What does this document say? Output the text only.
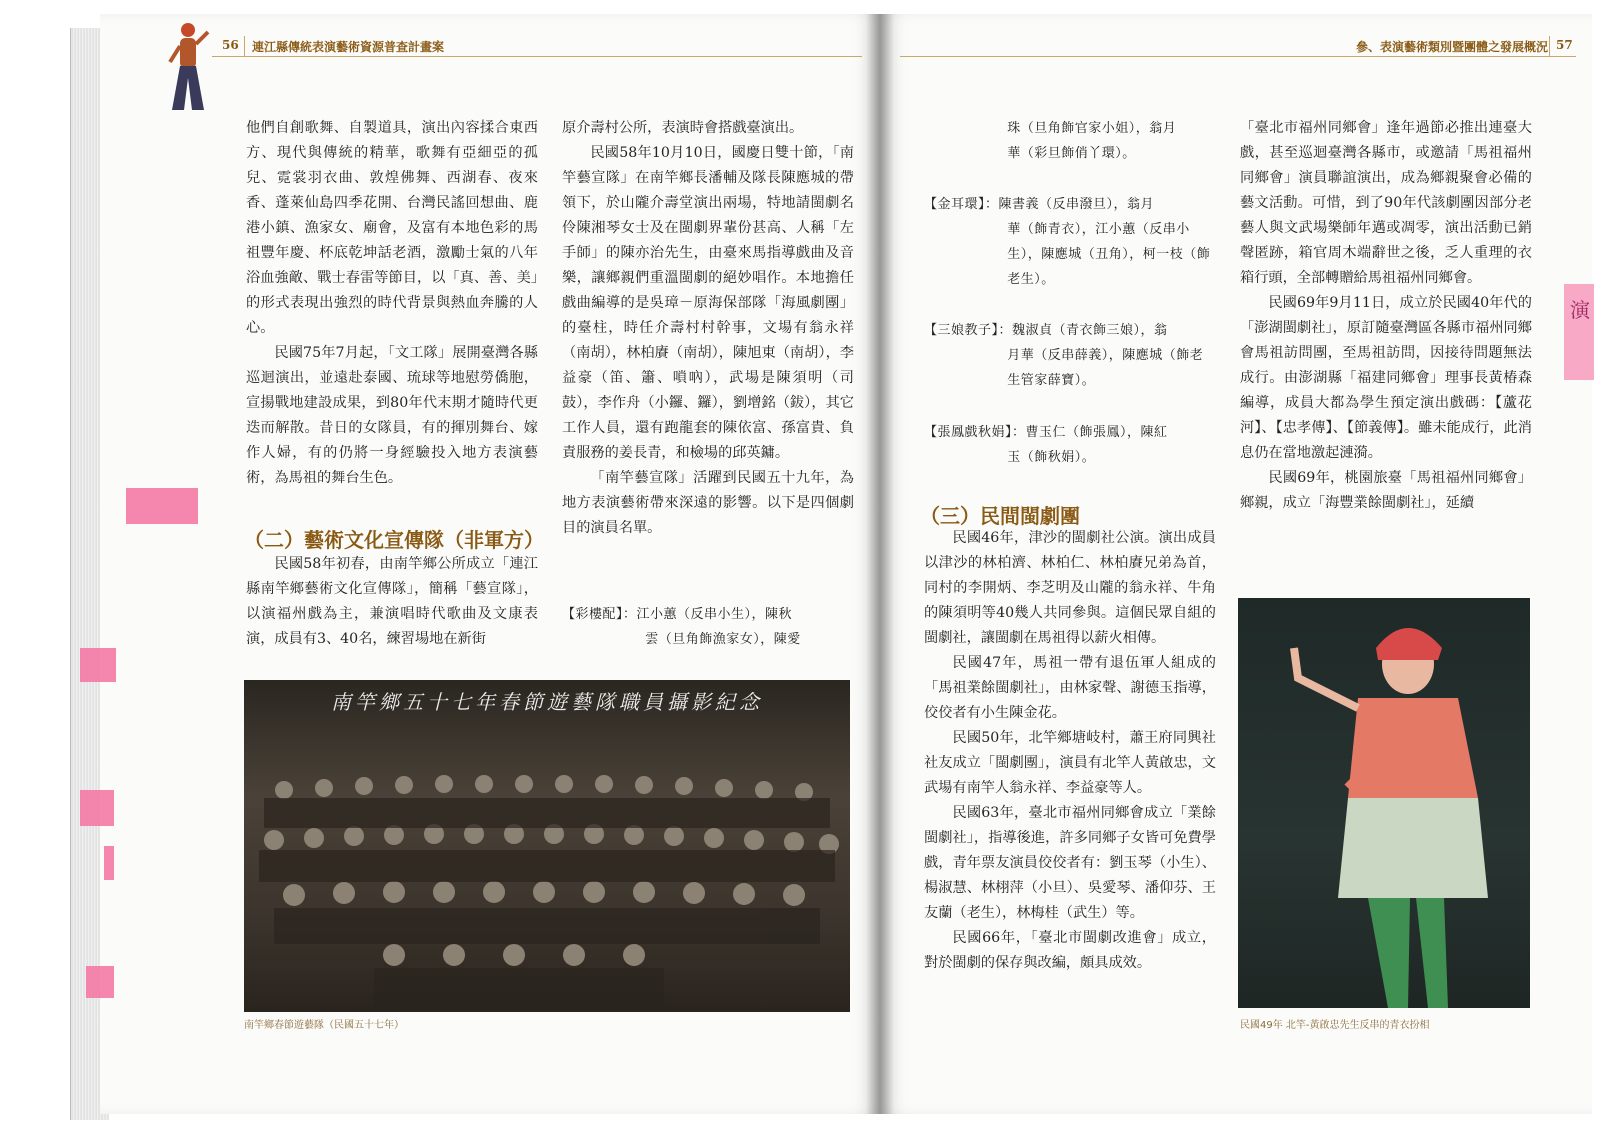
56 連江縣傳統表演藝術資源普查計畫案	參、表演藝術類別暨團體之發展概況 57

他們自創歌舞、自製道具，演出內容揉合東西方、現代與傳統的精華，歌舞有亞細亞的孤兒、霓裳羽衣曲、敦煌佛舞、西湖春、夜來香、蓬萊仙島四季花開、台灣民謠回想曲、鹿港小鎮、漁家女、廟會，及富有本地色彩的馬祖豐年慶、杯底乾坤話老酒，激勵士氣的八年浴血強敵、戰士春雷等節目，以「真、善、美」的形式表現出強烈的時代背景與熱血奔騰的人心。

民國75年7月起，「文工隊」展開臺灣各縣巡迴演出，並遠赴泰國、琉球等地慰勞僑胞，宣揚戰地建設成果，到80年代末期才隨時代更迭而解散。昔日的女隊員，有的揮別舞台、嫁作人婦，有的仍將一身經驗投入地方表演藝術，為馬祖的舞台生色。

（二）藝術文化宣傳隊（非軍方）

民國58年初春，由南竿鄉公所成立「連江縣南竿鄉藝術文化宣傳隊」，簡稱「藝宣隊」，以演福州戲為主，兼演唱時代歌曲及文康表演，成員有3、40名，練習場地在新街

原介壽村公所，表演時會搭戲臺演出。

民國58年10月10日，國慶日雙十節，「南竿藝宣隊」在南竿鄉長潘輔及隊長陳應城的帶領下，於山隴介壽堂演出兩場，特地請閩劇名伶陳湘琴女士及在閩劇界輩份甚高、人稱「左手師」的陳亦治先生，由臺來馬指導戲曲及音樂，讓鄉親們重溫閩劇的絕妙唱作。本地擔任戲曲編導的是吳璋－原海保部隊「海風劇團」的臺柱，時任介壽村村幹事，文場有翁永祥（南胡），林柏賡（南胡），陳旭東（南胡），李益豪（笛、簫、嗩吶），武場是陳須明（司鼓），李作舟（小鑼、鑼），劉增銘（鈸），其它工作人員，還有跑龍套的陳依富、孫富貴、負責服務的姜長青，和檢場的邱英鏞。

「南竿藝宣隊」活躍到民國五十九年，為地方表演藝術帶來深遠的影響。以下是四個劇目的演員名單。

【彩樓配】：江小蕙（反串小生），陳秋
雲（旦角飾漁家女），陳愛
南竿鄉五十七年春節遊藝隊職員攝影紀念
南竿鄉春節遊藝隊（民國五十七年）
珠（旦角飾官家小姐），翁月
華（彩旦飾俏丫環）。
【金耳環】：陳書義（反串潑旦），翁月
華（飾青衣），江小蕙（反串小生），陳應城（丑角），柯一枝（飾老生）。
【三娘教子】：魏淑貞（青衣飾三娘），翁
月華（反串薛義），陳應城（飾老生管家薛寶）。
【張鳳戲秋娟】：曹玉仁（飾張鳳），陳紅
玉（飾秋娟）。
（三）民間閩劇團

民國46年，津沙的閩劇社公演。演出成員以津沙的林柏濟、林柏仁、林柏賡兄弟為首，同村的李開炳、李芝明及山隴的翁永祥、牛角的陳須明等40幾人共同參與。這個民眾自組的閩劇社，讓閩劇在馬祖得以薪火相傳。

民國47年，馬祖一帶有退伍軍人組成的「馬祖業餘閩劇社」，由林家聲、謝德玉指導，佼佼者有小生陳金花。

民國50年，北竿鄉塘岐村，蕭王府同興社社友成立「閩劇團」，演員有北竿人黃啟忠，文武場有南竿人翁永祥、李益豪等人。

民國63年，臺北市福州同鄉會成立「業餘閩劇社」，指導後進，許多同鄉子女皆可免費學戲，青年票友演員佼佼者有：劉玉琴（小生）、楊淑慧、林栩萍（小旦）、吳愛琴、潘仰芬、王友蘭（老生），林梅桂（武生）等。

民國66年，「臺北市閩劇改進會」成立，對於閩劇的保存與改編，頗具成效。

「臺北市福州同鄉會」逢年過節必推出連臺大戲，甚至巡迴臺灣各縣市，或邀請「馬祖福州同鄉會」演員聯誼演出，成為鄉親聚會必備的藝文活動。可惜，到了90年代該劇團因部分老藝人與文武場樂師年邁或凋零，演出活動已銷聲匿跡，箱官周木端辭世之後，乏人重理的衣箱行頭，全部轉贈給馬祖福州同鄉會。

民國69年9月11日，成立於民國40年代的「澎湖閩劇社」，原訂隨臺灣區各縣市福州同鄉會馬祖訪問團，至馬祖訪問，因接待問題無法成行。由澎湖縣「福建同鄉會」理事長黃椿森編導，成員大都為學生預定演出戲碼：【蘆花河】、【忠孝傳】、【節義傳】。雖未能成行，此消息仍在當地激起漣漪。

民國69年，桃園旅臺「馬祖福州同鄉會」鄉親，成立「海豐業餘閩劇社」，延續

民國49年 北竿-黃啟忠先生反串的青衣扮相
演
